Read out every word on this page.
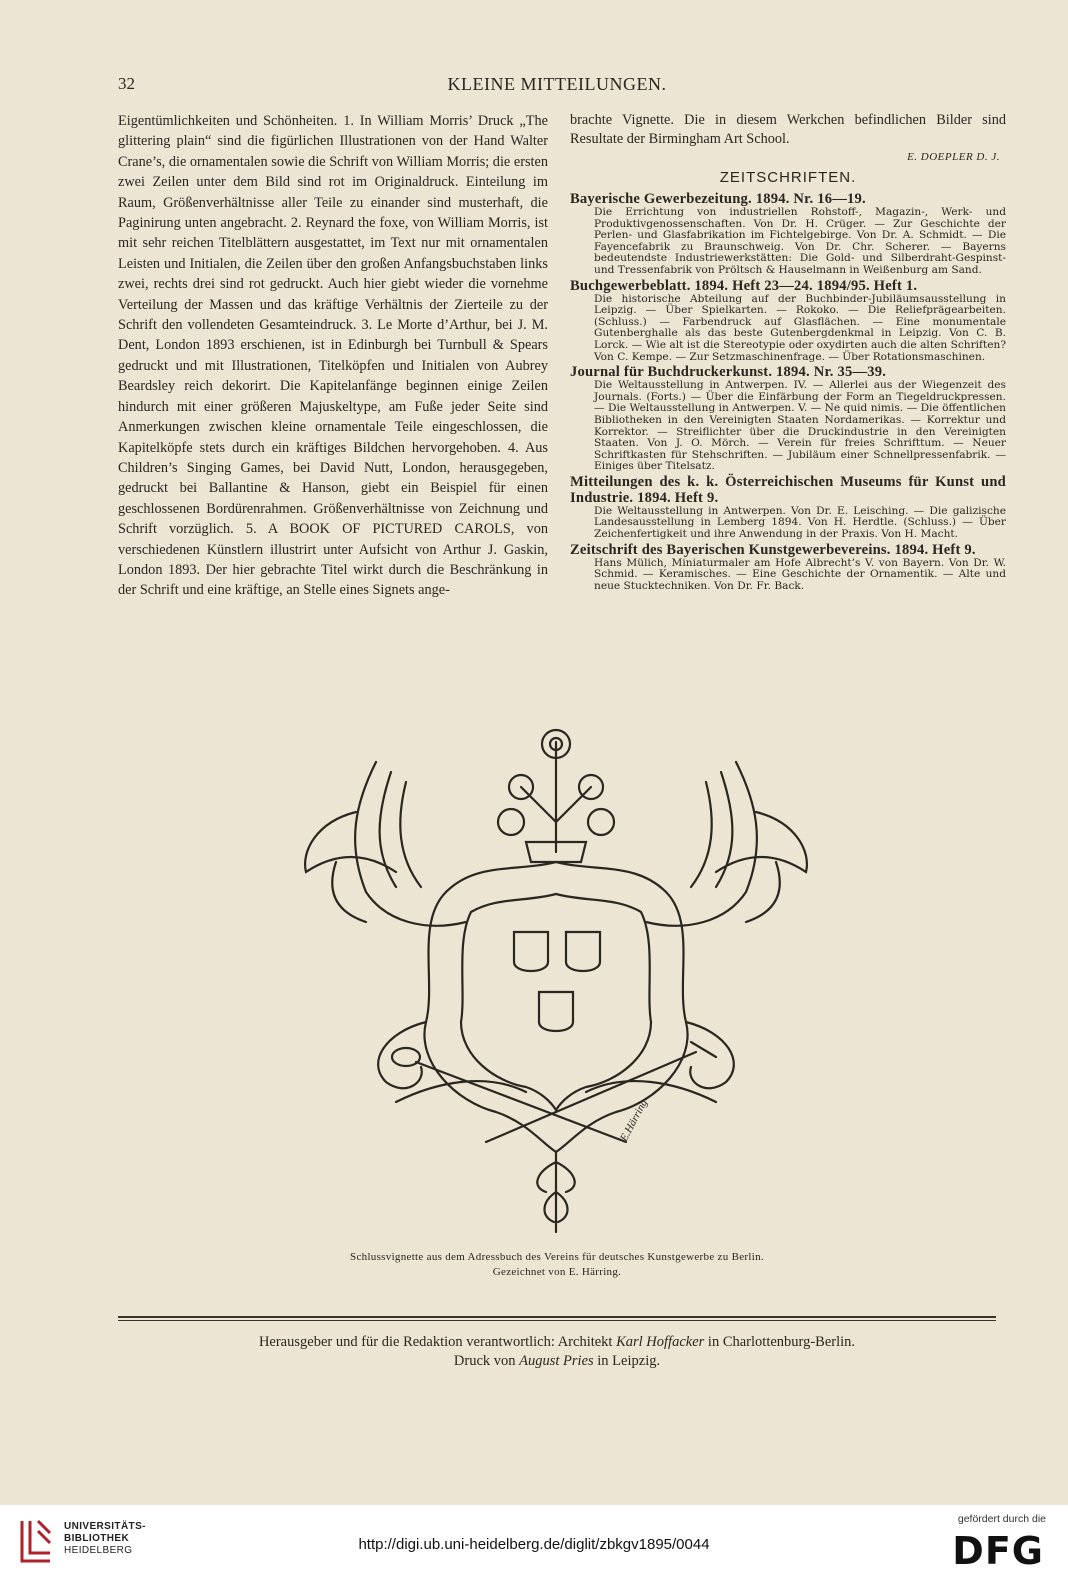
32	KLEINE MITTEILUNGEN.

Eigentümlichkeiten und Schönheiten. 1. In William Morris’ Druck „The glittering plain“ sind die figürlichen Illustrationen von der Hand Walter Crane’s, die ornamentalen sowie die Schrift von William Morris; die ersten zwei Zeilen unter dem Bild sind rot im Originaldruck. Einteilung im Raum, Größenverhältnisse aller Teile zu einander sind musterhaft, die Paginirung unten angebracht. 2. Reynard the foxe, von William Morris, ist mit sehr reichen Titelblättern ausgestattet, im Text nur mit ornamentalen Leisten und Initialen, die Zeilen über den großen Anfangsbuchstaben links zwei, rechts drei sind rot gedruckt. Auch hier giebt wieder die vornehme Verteilung der Massen und das kräftige Verhältnis der Zierteile zu der Schrift den vollendeten Gesamteindruck. 3. Le Morte d’Arthur, bei J. M. Dent, London 1893 erschienen, ist in Edinburgh bei Turnbull & Spears gedruckt und mit Illustrationen, Titelköpfen und Initialen von Aubrey Beardsley reich dekorirt. Die Kapitelanfänge beginnen einige Zeilen hindurch mit einer größeren Majuskeltype, am Fuße jeder Seite sind Anmerkungen zwischen kleine ornamentale Teile eingeschlossen, die Kapitelköpfe stets durch ein kräftiges Bildchen hervorgehoben. 4. Aus Children’s Singing Games, bei David Nutt, London, herausgegeben, gedruckt bei Ballantine & Hanson, giebt ein Beispiel für einen geschlossenen Bordürenrahmen. Größenverhältnisse von Zeichnung und Schrift vorzüglich. 5. A BOOK OF PICTURED CAROLS, von verschiedenen Künstlern illustrirt unter Aufsicht von Arthur J. Gaskin, London 1893. Der hier gebrachte Titel wirkt durch die Beschränkung in der Schrift und eine kräftige, an Stelle eines Signets ange-

brachte Vignette. Die in diesem Werkchen befindlichen Bilder sind Resultate der Birmingham Art School.

E. DOEPLER D. J.
ZEITSCHRIFTEN.
Bayerische Gewerbezeitung. 1894. Nr. 16—19.
Die Errichtung von industriellen Rohstoff-, Magazin-, Werk- und Produktivgenossenschaften. Von Dr. H. Crüger. — Zur Geschichte der Perlen- und Glasfabrikation im Fichtelgebirge. Von Dr. A. Schmidt. — Die Fayencefabrik zu Braunschweig. Von Dr. Chr. Scherer. — Bayerns bedeutendste Industriewerkstätten: Die Gold- und Silberdraht-Gespinst- und Tressenfabrik von Pröltsch & Hauselmann in Weißenburg am Sand.
Buchgewerbeblatt. 1894. Heft 23—24. 1894/95. Heft 1.
Die historische Abteilung auf der Buchbinder-Jubiläumsausstellung in Leipzig. — Über Spielkarten. — Rokoko. — Die Reliefprägearbeiten. (Schluss.) — Farbendruck auf Glasflächen. — Eine monumentale Gutenberghalle als das beste Gutenbergdenkmal in Leipzig. Von C. B. Lorck. — Wie alt ist die Stereotypie oder oxydirten auch die alten Schriften? Von C. Kempe. — Zur Setzmaschinenfrage. — Über Rotationsmaschinen.
Journal für Buchdruckerkunst. 1894. Nr. 35—39.
Die Weltausstellung in Antwerpen. IV. — Allerlei aus der Wiegenzeit des Journals. (Forts.) — Über die Einfärbung der Form an Tiegeldruckpressen. — Die Weltausstellung in Antwerpen. V. — Ne quid nimis. — Die öffentlichen Bibliotheken in den Vereinigten Staaten Nordamerikas. — Korrektur und Korrektor. — Streiflichter über die Druckindustrie in den Vereinigten Staaten. Von J. O. Mörch. — Verein für freies Schrifttum. — Neuer Schriftkasten für Stehschriften. — Jubiläum einer Schnellpressenfabrik. — Einiges über Titelsatz.
Mitteilungen des k. k. Österreichischen Museums für Kunst und Industrie. 1894. Heft 9.
Die Weltausstellung in Antwerpen. Von Dr. E. Leisching. — Die galizische Landesausstellung in Lemberg 1894. Von H. Herdtle. (Schluss.) — Über Zeichenfertigkeit und ihre Anwendung in der Praxis. Von H. Macht.
Zeitschrift des Bayerischen Kunstgewerbevereins. 1894. Heft 9.
Hans Mülich, Miniaturmaler am Hofe Albrecht’s V. von Bayern. Von Dr. W. Schmid. — Keramisches. — Eine Geschichte der Ornamentik. — Alte und neue Stucktechniken. Von Dr. Fr. Back.
E.Härring
Schlussvignette aus dem Adressbuch des Vereins für deutsches Kunstgewerbe zu Berlin.
Gezeichnet von E. Härring.
Herausgeber und für die Redaktion verantwortlich: Architekt Karl Hoffacker in Charlottenburg-Berlin.
Druck von August Pries in Leipzig.
UNIVERSITÄTS-
BIBLIOTHEK
HEIDELBERG	http://digi.ub.uni-heidelberg.de/diglit/zbkgv1895/0044
gefördert durch die
DFG
